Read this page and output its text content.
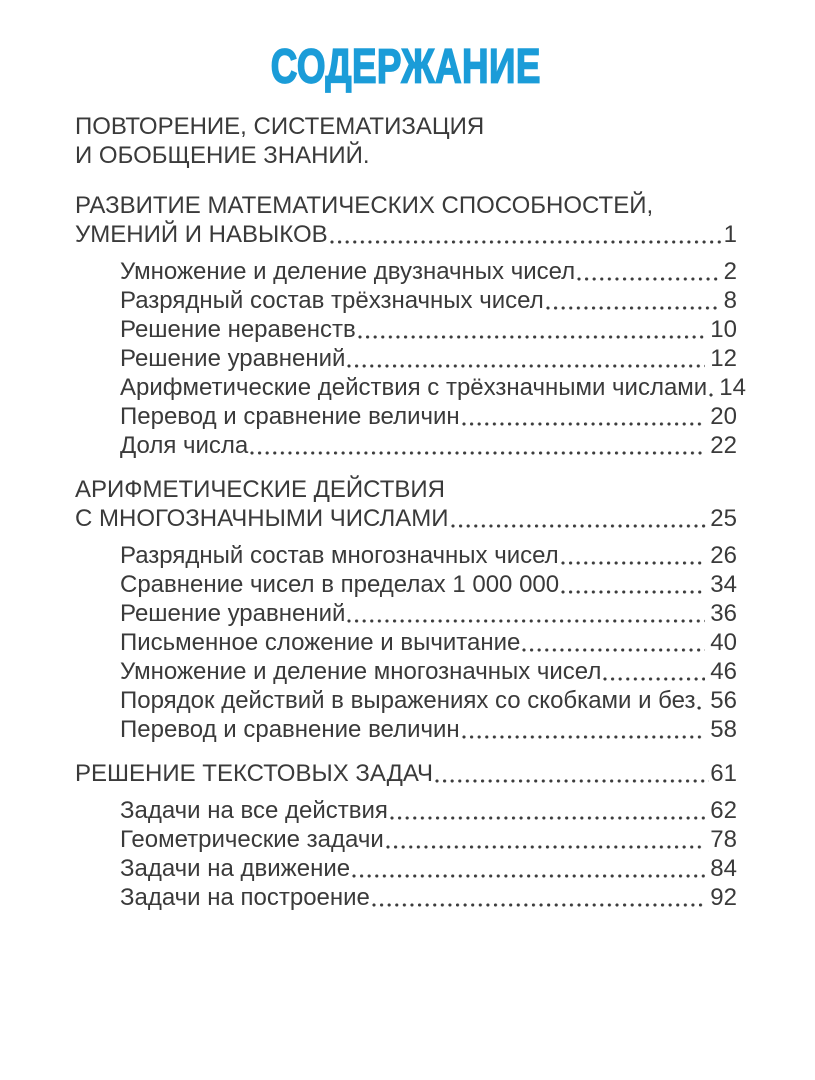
СОДЕРЖАНИЕ
ПОВТОРЕНИЕ, СИСТЕМАТИЗАЦИЯ
И ОБОБЩЕНИЕ ЗНАНИЙ.
РАЗВИТИЕ МАТЕМАТИЧЕСКИХ СПОСОБНОСТЕЙ,
УМЕНИЙ И НАВЫКОВ	1
Умножение и деление двузначных чисел	2
Разрядный состав трёхзначных чисел	8
Решение неравенств	10
Решение уравнений	12
Арифметические действия с трёхзначными числами 14
Перевод и сравнение величин	20
Доля числа	22
АРИФМЕТИЧЕСКИЕ ДЕЙСТВИЯ
С МНОГОЗНАЧНЫМИ ЧИСЛАМИ	25
Разрядный состав многозначных чисел	26
Сравнение чисел в пределах 1 000 000	34
Решение уравнений	36
Письменное сложение и вычитание	40
Умножение и деление многозначных чисел	46
Порядок действий в выражениях со скобками и без 56
Перевод и сравнение величин	58
РЕШЕНИЕ ТЕКСТОВЫХ ЗАДАЧ	61
Задачи на все действия	62
Геометрические задачи	78
Задачи на движение	84
Задачи на построение	92
